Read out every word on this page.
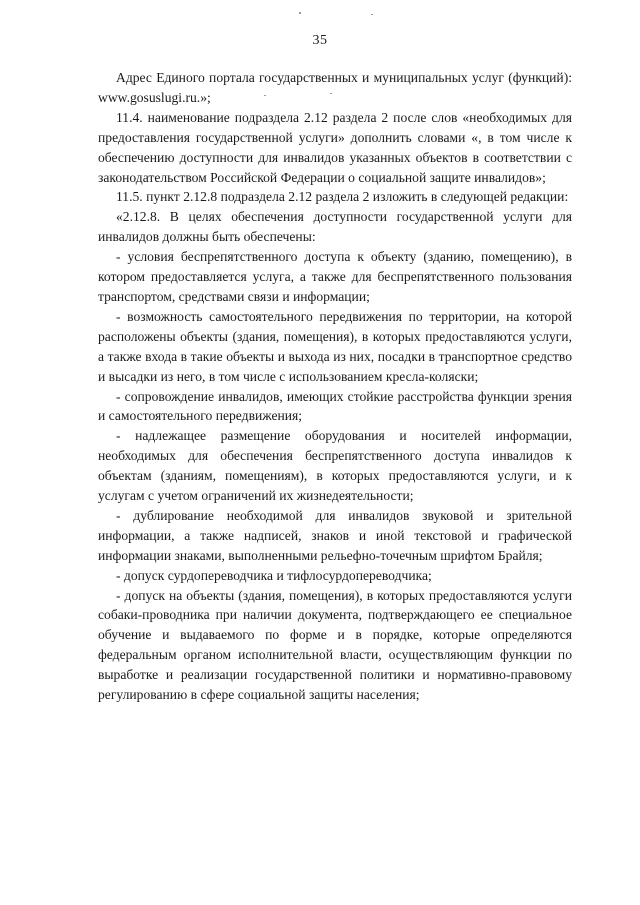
35

Адрес Единого портала государственных и муниципальных услуг (функций): www.gosuslugi.ru.»;

11.4. наименование подраздела 2.12 раздела 2 после слов «необходимых для предоставления государственной услуги» дополнить словами «, в том числе к обеспечению доступности для инвалидов указанных объектов в соответствии с законодательством Российской Федерации о социальной защите инвалидов»;

11.5. пункт 2.12.8 подраздела 2.12 раздела 2 изложить в следующей редакции:

«2.12.8. В целях обеспечения доступности государственной услуги для инвалидов должны быть обеспечены:

- условия беспрепятственного доступа к объекту (зданию, помещению), в котором предоставляется услуга, а также для беспрепятственного пользования транспортом, средствами связи и информации;

- возможность самостоятельного передвижения по территории, на которой расположены объекты (здания, помещения), в которых предоставляются услуги, а также входа в такие объекты и выхода из них, посадки в транспортное средство и высадки из него, в том числе с использованием кресла-коляски;

- сопровождение инвалидов, имеющих стойкие расстройства функции зрения и самостоятельного передвижения;

- надлежащее размещение оборудования и носителей информации, необходимых для обеспечения беспрепятственного доступа инвалидов к объектам (зданиям, помещениям), в которых предоставляются услуги, и к услугам с учетом ограничений их жизнедеятельности;

- дублирование необходимой для инвалидов звуковой и зрительной информации, а также надписей, знаков и иной текстовой и графической информации знаками, выполненными рельефно-точечным шрифтом Брайля;

- допуск сурдопереводчика и тифлосурдопереводчика;

- допуск на объекты (здания, помещения), в которых предоставляются услуги собаки-проводника при наличии документа, подтверждающего ее специальное обучение и выдаваемого по форме и в порядке, которые определяются федеральным органом исполнительной власти, осуществляющим функции по выработке и реализации государственной политики и нормативно-правовому регулированию в сфере социальной защиты населения;
